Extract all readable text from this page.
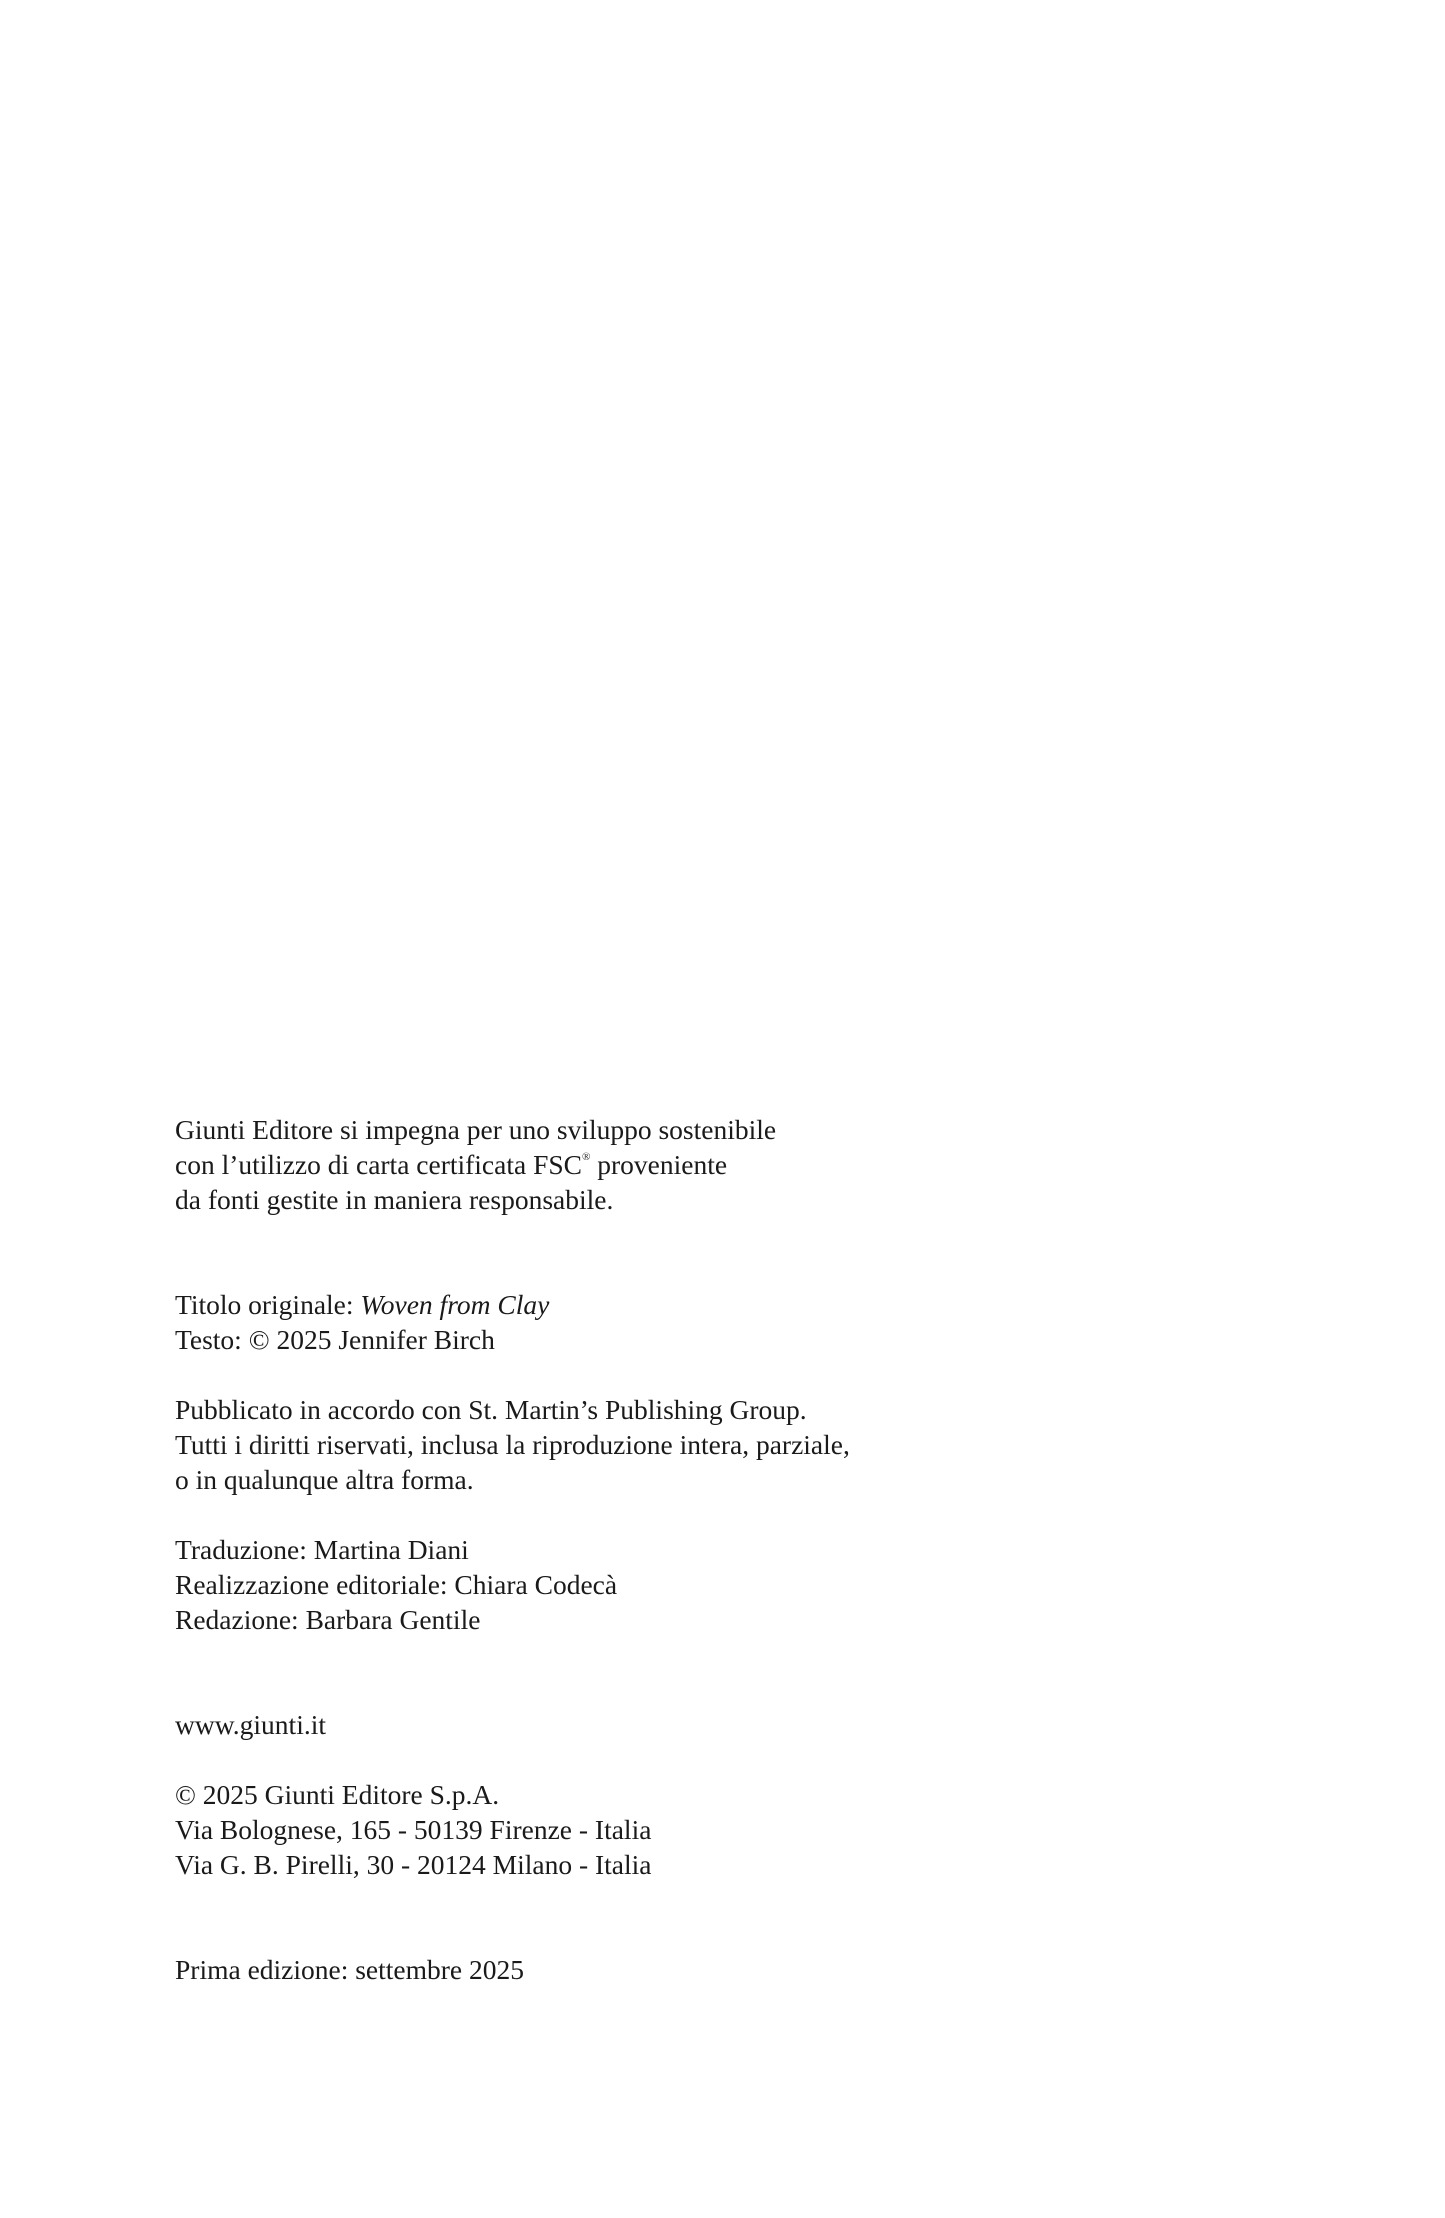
Giunti Editore si impegna per uno sviluppo sostenibile
con l’utilizzo di carta certificata FSC® proveniente
da fonti gestite in maniera responsabile.
Titolo originale: Woven from Clay
Testo: © 2025 Jennifer Birch
Pubblicato in accordo con St. Martin’s Publishing Group.
Tutti i diritti riservati, inclusa la riproduzione intera, parziale,
o in qualunque altra forma.
Traduzione: Martina Diani
Realizzazione editoriale: Chiara Codecà
Redazione: Barbara Gentile
www.giunti.it
© 2025 Giunti Editore S.p.A.
Via Bolognese, 165 - 50139 Firenze - Italia
Via G. B. Pirelli, 30 - 20124 Milano - Italia
Prima edizione: settembre 2025
